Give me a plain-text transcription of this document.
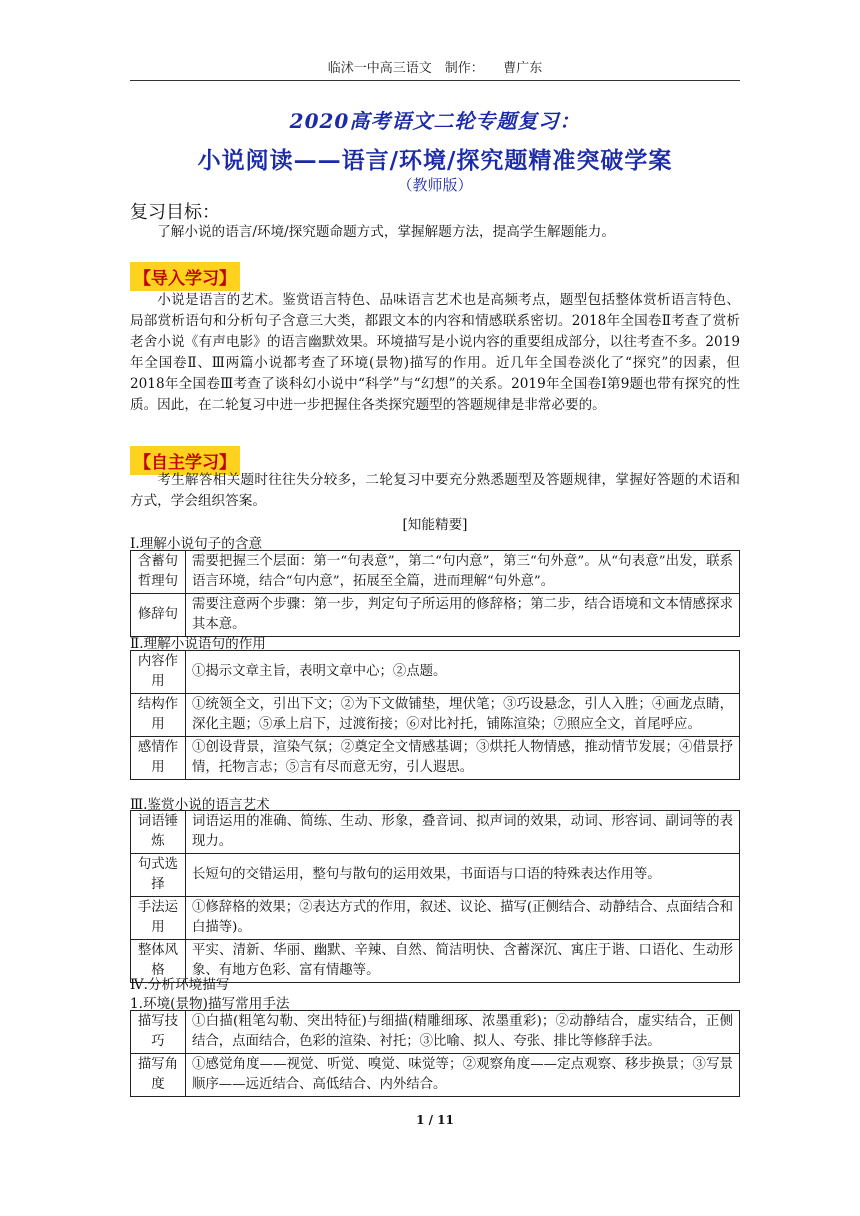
临沭一中高三语文　制作：　　曹广东
2020高考语文二轮专题复习：
小说阅读——语言/环境/探究题精准突破学案
（教师版）
复习目标：
了解小说的语言/环境/探究题命题方式，掌握解题方法，提高学生解题能力。
【导入学习】
小说是语言的艺术。鉴赏语言特色、品味语言艺术也是高频考点，题型包括整体赏析语言特色、局部赏析语句和分析句子含意三大类，都跟文本的内容和情感联系密切。2018年全国卷Ⅱ考查了赏析老舍小说《有声电影》的语言幽默效果。环境描写是小说内容的重要组成部分，以往考查不多。2019年全国卷Ⅱ、Ⅲ两篇小说都考查了环境(景物)描写的作用。近几年全国卷淡化了“探究”的因素，但2018年全国卷Ⅲ考查了谈科幻小说中“科学”与“幻想”的关系。2019年全国卷Ⅰ第9题也带有探究的性质。因此，在二轮复习中进一步把握住各类探究题型的答题规律是非常必要的。
【自主学习】
考生解答相关题时往往失分较多，二轮复习中要充分熟悉题型及答题规律，掌握好答题的术语和方式，学会组织答案。
[知能精要]
Ⅰ.理解小说句子的含意
含蓄句哲理句	需要把握三个层面：第一“句表意”，第二“句内意”，第三“句外意”。从“句表意”出发，联系语言环境，结合“句内意”，拓展至全篇，进而理解“句外意”。
修辞句	需要注意两个步骤：第一步，判定句子所运用的修辞格；第二步，结合语境和文本情感探求其本意。
Ⅱ.理解小说语句的作用
内容作用	①揭示文章主旨，表明文章中心；②点题。
结构作用	①统领全文，引出下文；②为下文做铺垫，埋伏笔；③巧设悬念，引人入胜；④画龙点睛，深化主题；⑤承上启下，过渡衔接；⑥对比衬托，铺陈渲染；⑦照应全文，首尾呼应。
感情作用	①创设背景，渲染气氛；②奠定全文情感基调；③烘托人物情感，推动情节发展；④借景抒情，托物言志；⑤言有尽而意无穷，引人遐思。
Ⅲ.鉴赏小说的语言艺术
词语锤炼	词语运用的准确、简练、生动、形象，叠音词、拟声词的效果，动词、形容词、副词等的表现力。
句式选择	长短句的交错运用，整句与散句的运用效果，书面语与口语的特殊表达作用等。
手法运用	①修辞格的效果；②表达方式的作用，叙述、议论、描写(正侧结合、动静结合、点面结合和白描等)。
整体风格	平实、清新、华丽、幽默、辛辣、自然、简洁明快、含蓄深沉、寓庄于谐、口语化、生动形象、有地方色彩、富有情趣等。
Ⅳ.分析环境描写
1.环境(景物)描写常用手法
描写技巧	①白描(粗笔勾勒、突出特征)与细描(精雕细琢、浓墨重彩)；②动静结合，虚实结合，正侧结合，点面结合，色彩的渲染、衬托；③比喻、拟人、夸张、排比等修辞手法。
描写角度	①感觉角度——视觉、听觉、嗅觉、味觉等；②观察角度——定点观察、移步换景；③写景顺序——远近结合、高低结合、内外结合。
1 / 11
